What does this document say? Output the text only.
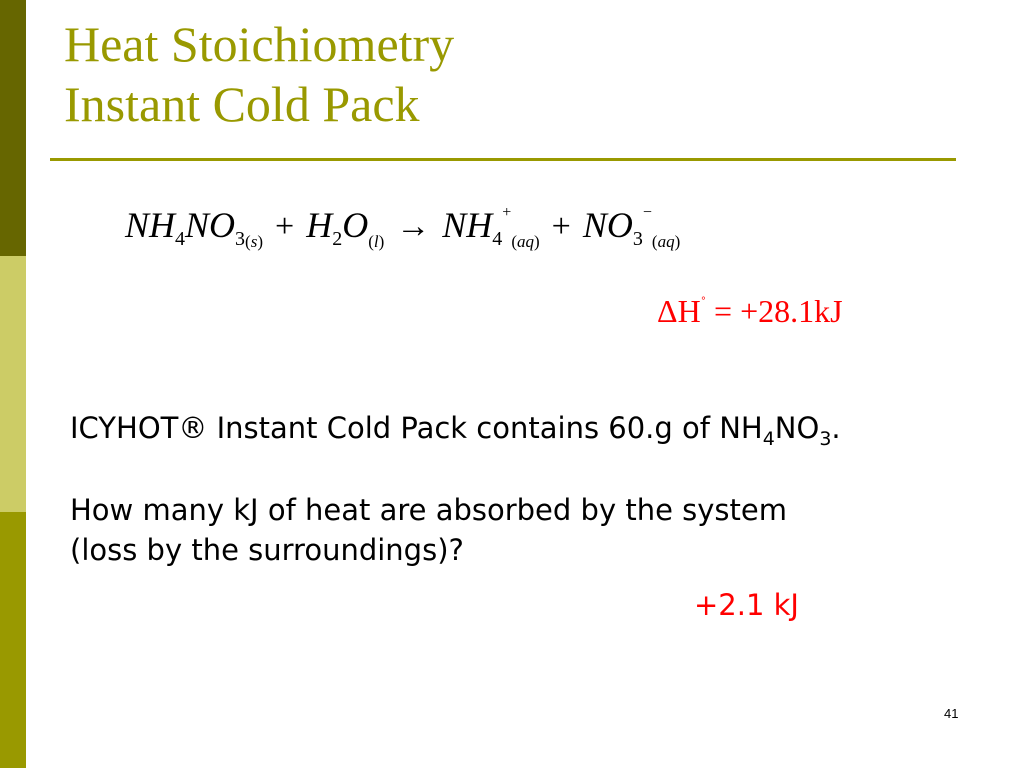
Heat Stoichiometry
Instant Cold Pack
NH4NO3(s) + H2O(l) → NH4+(aq) + NO3−(aq)
ΔH˚ = +28.1kJ
ICYHOT® Instant Cold Pack contains 60.g of $NH_4NO_3$.
How many kJ of heat are absorbed by the system
(loss by the surroundings)?
+2.1 kJ
41
